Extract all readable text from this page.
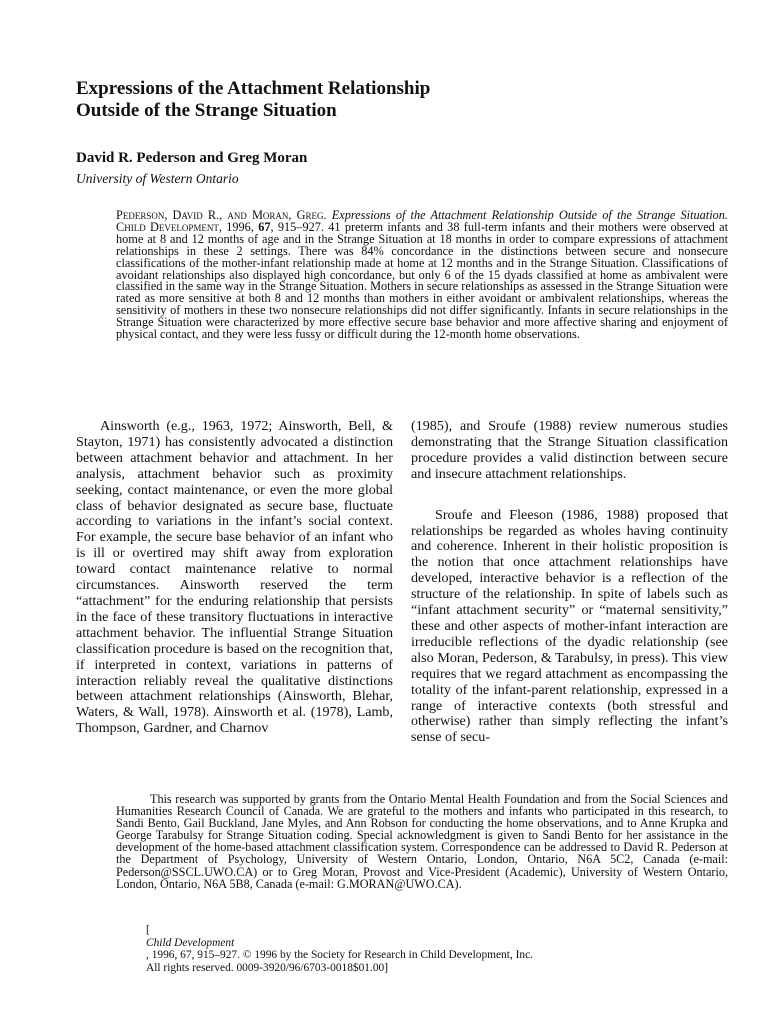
Expressions of the Attachment Relationship
Outside of the Strange Situation
David R. Pederson and Greg Moran
University of Western Ontario

Pederson, David R., and Moran, Greg. Expressions of the Attachment Relationship Outside of the Strange Situation. Child Development, 1996, 67, 915–927. 41 preterm infants and 38 full-term infants and their mothers were observed at home at 8 and 12 months of age and in the Strange Situation at 18 months in order to compare expressions of attachment relationships in these 2 settings. There was 84% concordance in the distinctions between secure and nonsecure classifications of the mother-infant relationship made at home at 12 months and in the Strange Situation. Classifications of avoidant relationships also displayed high concordance, but only 6 of the 15 dyads classified at home as ambivalent were classified in the same way in the Strange Situation. Mothers in secure relationships as assessed in the Strange Situation were rated as more sensitive at both 8 and 12 months than mothers in either avoidant or ambivalent relationships, whereas the sensitivity of mothers in these two nonsecure relationships did not differ significantly. Infants in secure relationships in the Strange Situation were characterized by more effective secure base behavior and more affective sharing and enjoyment of physical contact, and they were less fussy or difficult during the 12-month home observations.

Ainsworth (e.g., 1963, 1972; Ainsworth, Bell, & Stayton, 1971) has consistently advocated a distinction between attachment behavior and attachment. In her analysis, attachment behavior such as proximity seeking, contact maintenance, or even the more global class of behavior designated as secure base, fluctuate according to variations in the infant’s social context. For example, the secure base behavior of an infant who is ill or overtired may shift away from exploration toward contact maintenance relative to normal circumstances. Ainsworth reserved the term “attachment” for the enduring relationship that persists in the face of these transitory fluctuations in interactive attachment behavior. The influential Strange Situation classification procedure is based on the recognition that, if interpreted in context, variations in patterns of interaction reliably reveal the qualitative distinctions between attachment relationships (Ainsworth, Blehar, Waters, & Wall, 1978). Ainsworth et al. (1978), Lamb, Thompson, Gardner, and Charnov

(1985), and Sroufe (1988) review numerous studies demonstrating that the Strange Situation classification procedure provides a valid distinction between secure and insecure attachment relationships.

Sroufe and Fleeson (1986, 1988) proposed that relationships be regarded as wholes having continuity and coherence. Inherent in their holistic proposition is the notion that once attachment relationships have developed, interactive behavior is a reflection of the structure of the relationship. In spite of labels such as “infant attachment security” or “maternal sensitivity,” these and other aspects of mother-infant interaction are irreducible reflections of the dyadic relationship (see also Moran, Pederson, & Tarabulsy, in press). This view requires that we regard attachment as encompassing the totality of the infant-parent relationship, expressed in a range of interactive contexts (both stressful and otherwise) rather than simply reflecting the infant’s sense of secu-

This research was supported by grants from the Ontario Mental Health Foundation and from the Social Sciences and Humanities Research Council of Canada. We are grateful to the mothers and infants who participated in this research, to Sandi Bento, Gail Buckland, Jane Myles, and Ann Robson for conducting the home observations, and to Anne Krupka and George Tarabulsy for Strange Situation coding. Special acknowledgment is given to Sandi Bento for her assistance in the development of the home-based attachment classification system. Correspondence can be addressed to David R. Pederson at the Department of Psychology, University of Western Ontario, London, Ontario, N6A 5C2, Canada (e-mail: Pederson@SSCL.UWO.CA) or to Greg Moran, Provost and Vice-President (Academic), University of Western Ontario, London, Ontario, N6A 5B8, Canada (e-mail: G.MORAN@UWO.CA).

[
Child Development
, 1996, 67, 915–927. © 1996 by the Society for Research in Child Development, Inc.
All rights reserved. 0009-3920/96/6703-0018$01.00]
